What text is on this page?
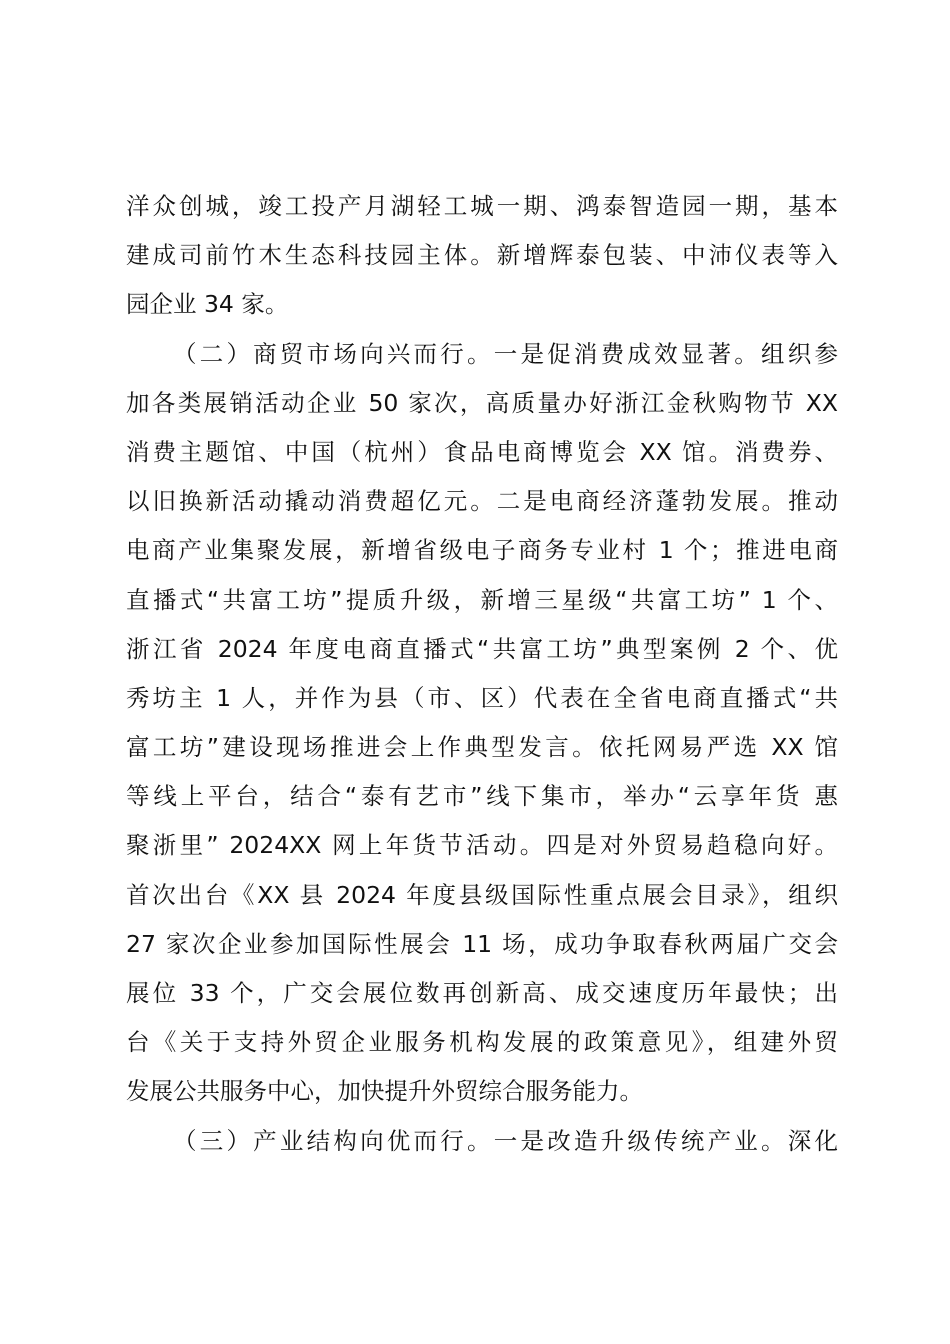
洋众创城，竣工投产月湖轻工城一期、鸿泰智造园一期，基本
建成司前竹木生态科技园主体。新增辉泰包装、中沛仪表等入
园企业 34 家。
（二）商贸市场向兴而行。一是促消费成效显著。组织参
加各类展销活动企业 50 家次，高质量办好浙江金秋购物节 XX
消费主题馆、中国（杭州）食品电商博览会 XX 馆。消费券、
以旧换新活动撬动消费超亿元。二是电商经济蓬勃发展。推动
电商产业集聚发展，新增省级电子商务专业村 1 个；推进电商
直播式“共富工坊”提质升级，新增三星级“共富工坊” 1 个、
浙江省 2024 年度电商直播式“共富工坊”典型案例 2 个、优
秀坊主 1 人，并作为县（市、区）代表在全省电商直播式“共
富工坊”建设现场推进会上作典型发言。依托网易严选 XX 馆
等线上平台，结合“泰有艺市”线下集市，举办“云享年货 惠
聚浙里” 2024XX 网上年货节活动。四是对外贸易趋稳向好。
首次出台《XX 县 2024 年度县级国际性重点展会目录》，组织
27 家次企业参加国际性展会 11 场，成功争取春秋两届广交会
展位 33 个，广交会展位数再创新高、成交速度历年最快；出
台《关于支持外贸企业服务机构发展的政策意见》，组建外贸
发展公共服务中心，加快提升外贸综合服务能力。
（三）产业结构向优而行。一是改造升级传统产业。深化
